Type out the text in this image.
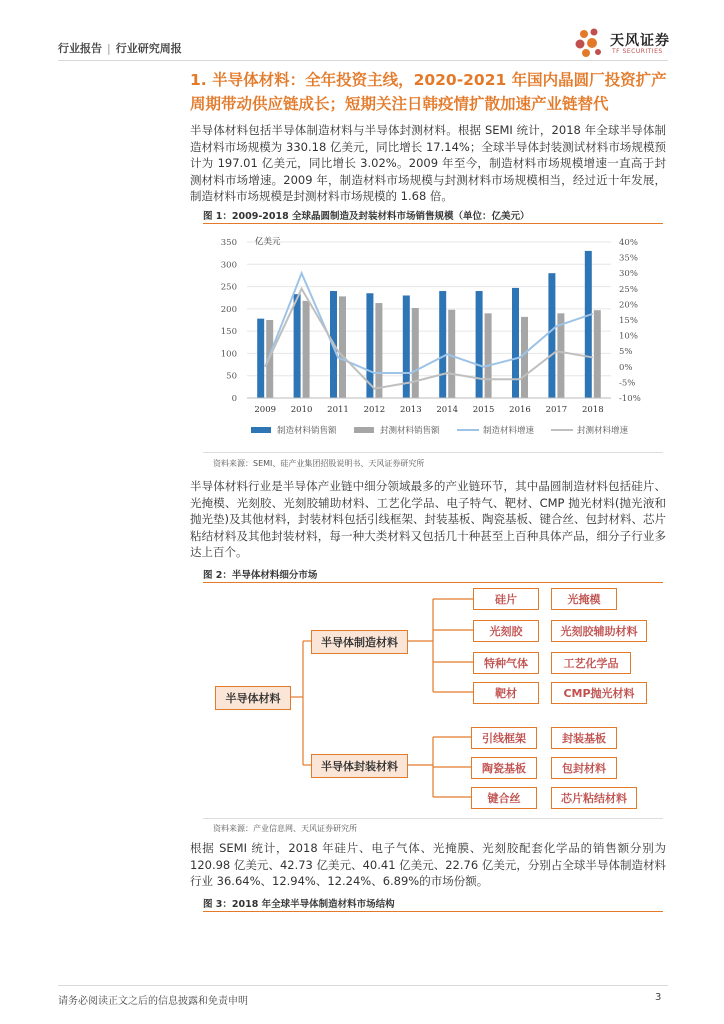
行业报告 | 行业研究周报	天风证券
TF SECURITIES
1. 半导体材料：全年投资主线，2020-2021 年国内晶圆厂投资扩产周期带动供应链成长；短期关注日韩疫情扩散加速产业链替代
半导体材料包括半导体制造材料与半导体封测材料。根据 SEMI 统计，2018 年全球半导体制造材料市场规模为 330.18 亿美元，同比增长 17.14%；全球半导体封装测试材料市场规模预计为 197.01 亿美元，同比增长 3.02%。2009 年至今，制造材料市场规模增速一直高于封测材料市场增速。2009 年，制造材料市场规模与封测材料市场规模相当，经过近十年发展，制造材料市场规模是封测材料市场规模的 1.68 倍。
图 1：2009-2018 全球晶圆制造及封装材料市场销售规模（单位：亿美元）
0
50
100
150
200
250
300
350 亿美元
-10%
-5%
0%
5%
10%
15%
20%
25%
30%
35%
40%
2009 2010 2011 2012 2013 2014 2015 2016 2017 2018
制造材料销售额	封测材料销售额	制造材料增速	封测材料增速
资料来源：SEMI、硅产业集团招股说明书、天风证券研究所
半导体材料行业是半导体产业链中细分领域最多的产业链环节，其中晶圆制造材料包括硅片、光掩模、光刻胶、光刻胶辅助材料、工艺化学品、电子特气、靶材、CMP 抛光材料(抛光液和抛光垫)及其他材料，封装材料包括引线框架、封装基板、陶瓷基板、键合丝、包封材料、芯片粘结材料及其他封装材料，每一种大类材料又包括几十种甚至上百种具体产品，细分子行业多达上百个。
图 2：半导体材料细分市场
半导体材料
半导体制造材料
半导体封装材料
硅片	光掩模
光刻胶	光刻胶辅助材料
特种气体	工艺化学品
靶材	CMP抛光材料
引线框架	封装基板
陶瓷基板	包封材料
键合丝	芯片粘结材料
资料来源：产业信息网、天风证券研究所
根据 SEMI 统计，2018 年硅片、电子气体、光掩膜、光刻胶配套化学品的销售额分别为 120.98 亿美元、42.73 亿美元、40.41 亿美元、22.76 亿美元，分别占全球半导体制造材料行业 36.64%、12.94%、12.24%、6.89%的市场份额。
图 3：2018 年全球半导体制造材料市场结构
请务必阅读正文之后的信息披露和免责申明	3
